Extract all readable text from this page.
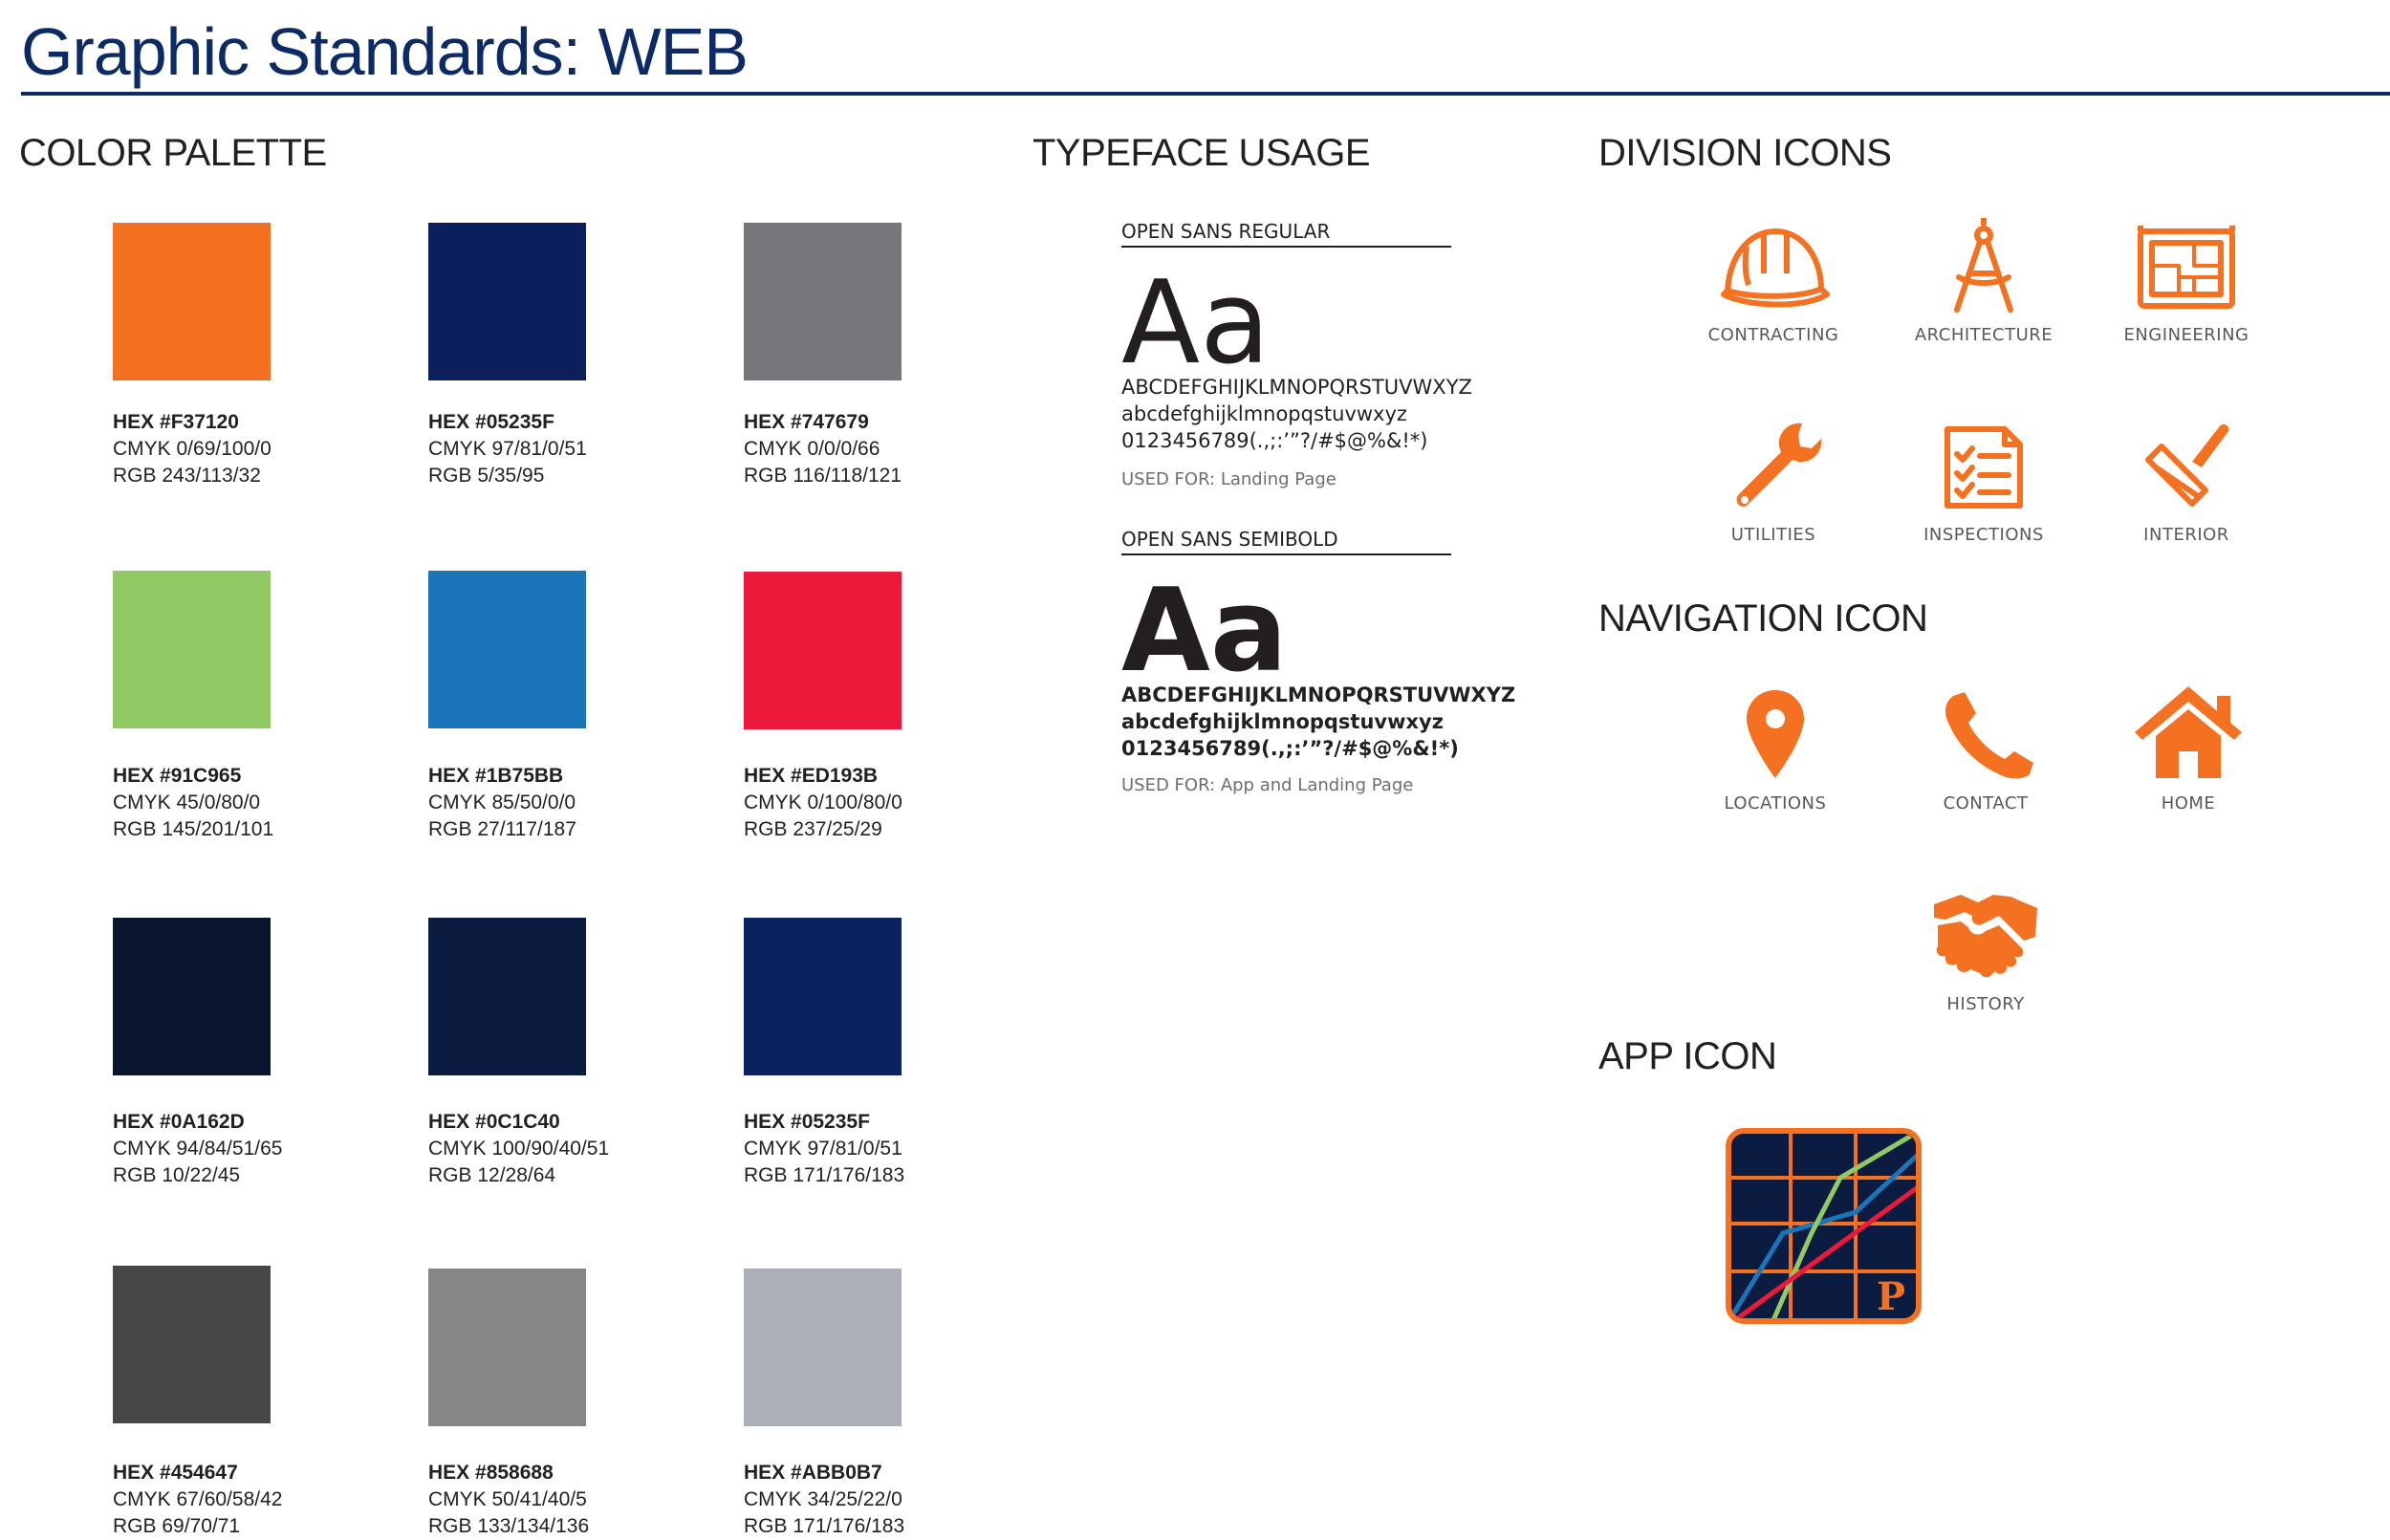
Graphic Standards: WEB
COLOR PALETTE	TYPEFACE USAGE	DIVISION ICONS
NAVIGATION ICON
APP ICON
HEX #F37120
CMYK 0/69/100/0
RGB 243/113/32
HEX #05235F
CMYK 97/81/0/51
RGB 5/35/95
HEX #747679
CMYK 0/0/0/66
RGB 116/118/121
HEX #91C965
CMYK 45/0/80/0
RGB 145/201/101
HEX #1B75BB
CMYK 85/50/0/0
RGB 27/117/187
HEX #ED193B
CMYK 0/100/80/0
RGB 237/25/29
HEX #0A162D
CMYK 94/84/51/65
RGB 10/22/45
HEX #0C1C40
CMYK 100/90/40/51
RGB 12/28/64
HEX #05235F
CMYK 97/81/0/51
RGB 171/176/183
HEX #454647
CMYK 67/60/58/42
RGB 69/70/71
HEX #858688
CMYK 50/41/40/5
RGB 133/134/136
HEX #ABB0B7
CMYK 34/25/22/0
RGB 171/176/183
OPEN SANS REGULAR
Aa
ABCDEFGHIJKLMNOPQRSTUVWXYZ
abcdefghijklmnopqstuvwxyz
0123456789(.,;:’”?/#$@%&!*)
USED FOR: Landing Page
OPEN SANS SEMIBOLD
Aa
ABCDEFGHIJKLMNOPQRSTUVWXYZ
abcdefghijklmnopqstuvwxyz
0123456789(.,;:’”?/#$@%&!*)
USED FOR: App and Landing Page
CONTRACTING	ARCHITECTURE	ENGINEERING
UTILITIES	INSPECTIONS	INTERIOR
LOCATIONS	CONTACT	HOME
HISTORY
P
